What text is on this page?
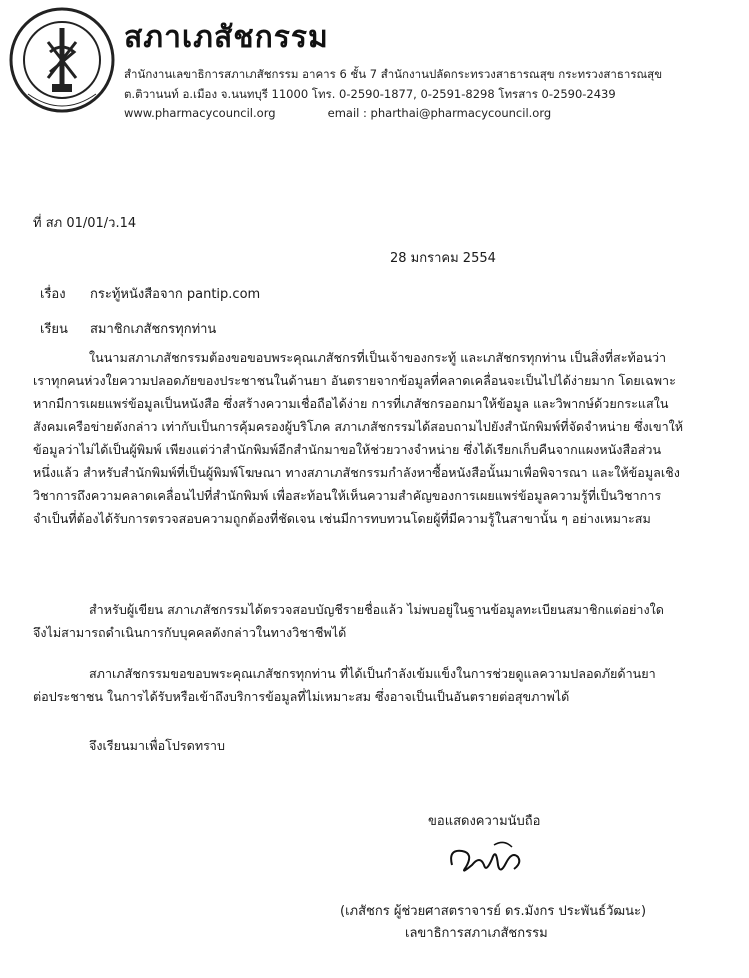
สภาเภสัชกรรม
สำนักงานเลขาธิการสภาเภสัชกรรม อาคาร 6 ชั้น 7 สำนักงานปลัดกระทรวงสาธารณสุข กระทรวงสาธารณสุข
ต.ติวานนท์ อ.เมือง จ.นนทบุรี 11000 โทร. 0-2590-1877, 0-2591-8298 โทรสาร 0-2590-2439
www.pharmacycouncil.org	email : pharthai@pharmacycouncil.org
ที่ สภ 01/01/ว.14
28 มกราคม 2554
เรื่อง กระทู้หนังสือจาก pantip.com
เรียน สมาชิกเภสัชกรทุกท่าน
ในนามสภาเภสัชกรรมต้องขอขอบพระคุณเภสัชกรที่เป็นเจ้าของกระทู้ และเภสัชกรทุกท่าน เป็นสิ่งที่สะท้อนว่า
เราทุกคนห่วงใยความปลอดภัยของประชาชนในด้านยา อันตรายจากข้อมูลที่คลาดเคลื่อนจะเป็นไปได้ง่ายมาก โดยเฉพาะ
หากมีการเผยแพร่ข้อมูลเป็นหนังสือ ซึ่งสร้างความเชื่อถือได้ง่าย การที่เภสัชกรออกมาให้ข้อมูล และวิพากษ์ด้วยกระแสใน
สังคมเครือข่ายดังกล่าว เท่ากับเป็นการคุ้มครองผู้บริโภค สภาเภสัชกรรมได้สอบถามไปยังสำนักพิมพ์ที่จัดจำหน่าย ซึ่งเขาให้
ข้อมูลว่าไม่ได้เป็นผู้พิมพ์ เพียงแต่ว่าสำนักพิมพ์อีกสำนักมาขอให้ช่วยวางจำหน่าย ซึ่งได้เรียกเก็บคืนจากแผงหนังสือส่วน
หนึ่งแล้ว สำหรับสำนักพิมพ์ที่เป็นผู้พิมพ์โฆษณา ทางสภาเภสัชกรรมกำลังหาซื้อหนังสือนั้นมาเพื่อพิจารณา และให้ข้อมูลเชิง
วิชาการถึงความคลาดเคลื่อนไปที่สำนักพิมพ์ เพื่อสะท้อนให้เห็นความสำคัญของการเผยแพร่ข้อมูลความรู้ที่เป็นวิชาการ
จำเป็นที่ต้องได้รับการตรวจสอบความถูกต้องที่ชัดเจน เช่นมีการทบทวนโดยผู้ที่มีความรู้ในสาขานั้น ๆ อย่างเหมาะสม
สำหรับผู้เขียน สภาเภสัชกรรมได้ตรวจสอบบัญชีรายชื่อแล้ว ไม่พบอยู่ในฐานข้อมูลทะเบียนสมาชิกแต่อย่างใด
จึงไม่สามารถดำเนินการกับบุคคลดังกล่าวในทางวิชาชีพได้
สภาเภสัชกรรมขอขอบพระคุณเภสัชกรทุกท่าน ที่ได้เป็นกำลังเข้มแข็งในการช่วยดูแลความปลอดภัยด้านยา
ต่อประชาชน ในการได้รับหรือเข้าถึงบริการข้อมูลที่ไม่เหมาะสม ซึ่งอาจเป็นเป็นอันตรายต่อสุขภาพได้
จึงเรียนมาเพื่อโปรดทราบ
ขอแสดงความนับถือ
(เภสัชกร ผู้ช่วยศาสตราจารย์ ดร.มังกร ประพันธ์วัฒนะ)
เลขาธิการสภาเภสัชกรรม
